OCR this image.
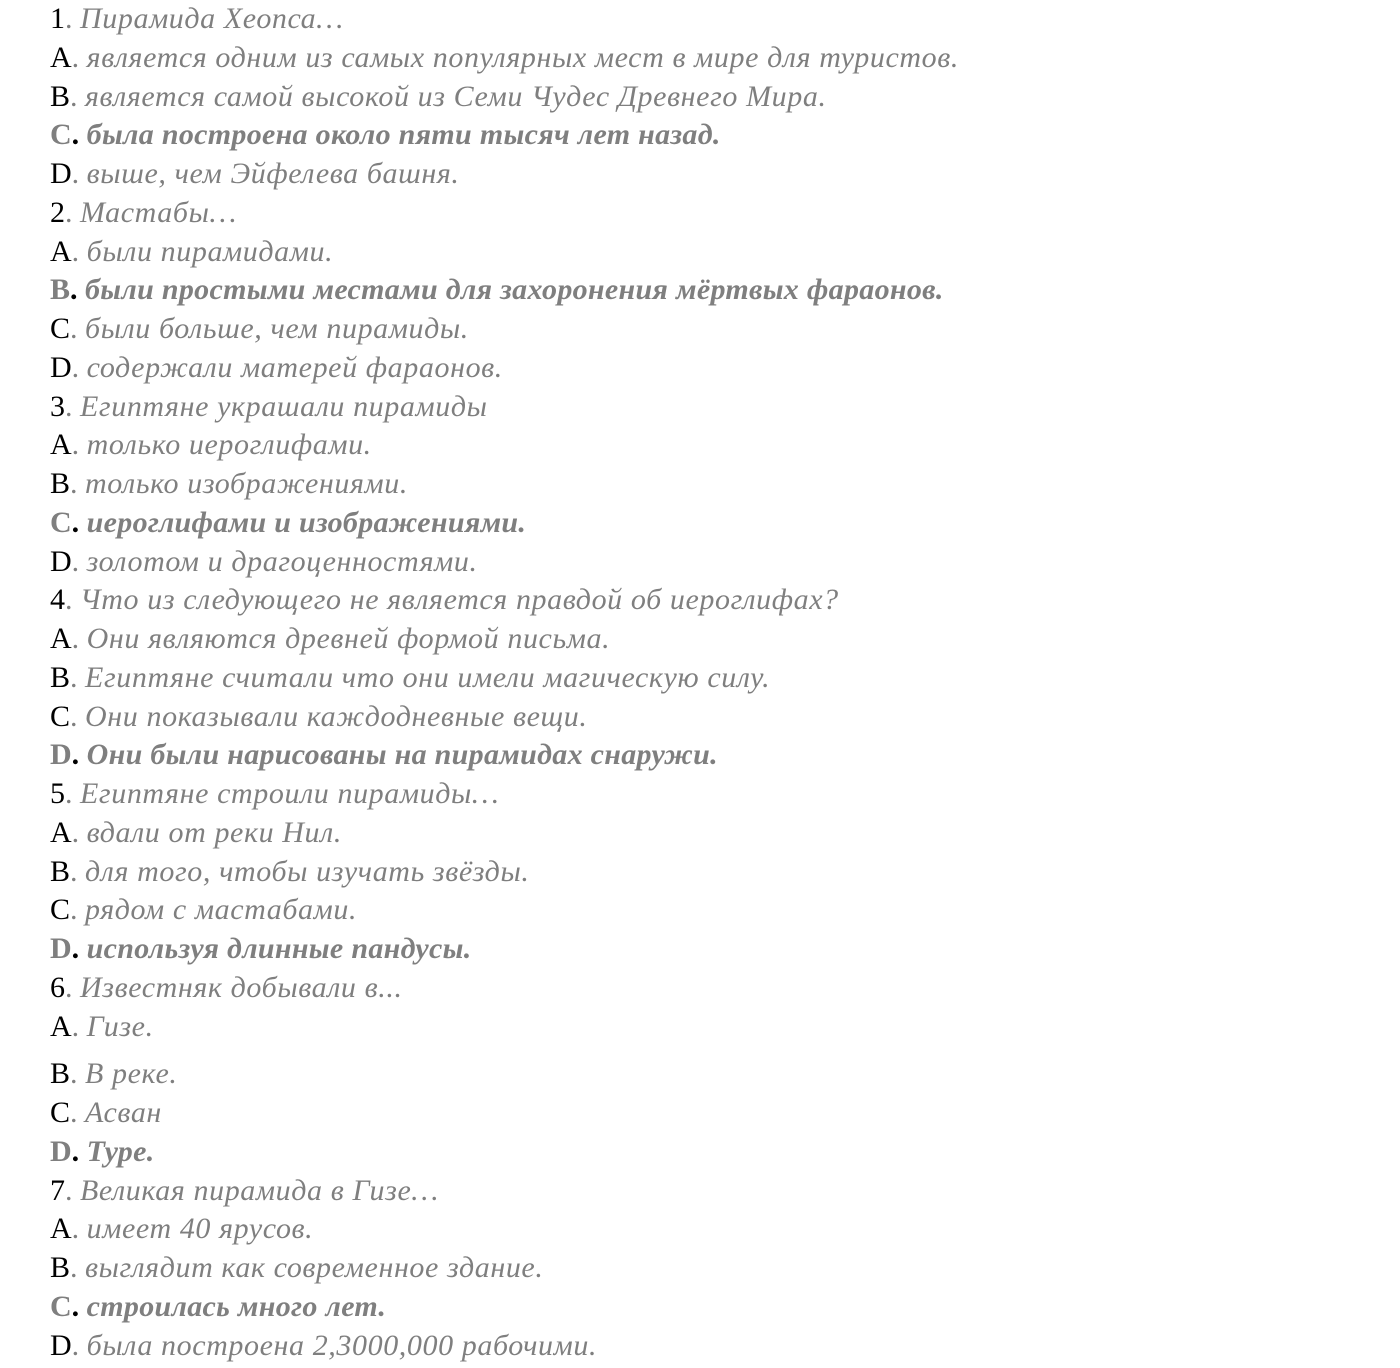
1. Пирамида Хеопса…
A. является одним из самых популярных мест в мире для туристов.
B. является самой высокой из Семи Чудес Древнего Мира.
C. была построена около пяти тысяч лет назад.
D. выше, чем Эйфелева башня.
2. Мастабы…
A. были пирамидами.
B. были простыми местами для захоронения мёртвых фараонов.
C. были больше, чем пирамиды.
D. содержали матерей фараонов.
3. Египтяне украшали пирамиды
A. только иероглифами.
B. только изображениями.
C. иероглифами и изображениями.
D. золотом и драгоценностями.
4. Что из следующего не является правдой об иероглифах?
A. Они являются древней формой письма.
B. Египтяне считали что они имели магическую силу.
C. Они показывали каждодневные вещи.
D. Они были нарисованы на пирамидах снаружи.
5. Египтяне строили пирамиды…
A. вдали от реки Нил.
B. для того, чтобы изучать звёзды.
C. рядом с мастабами.
D. используя длинные пандусы.
6. Известняк добывали в...
A. Гизе.
B. В реке.
C. Асван
D. Туре.
7. Великая пирамида в Гизе…
A. имеет 40 ярусов.
B. выглядит как современное здание.
C. строилась много лет.
D. была построена 2,3000,000 рабочими.
